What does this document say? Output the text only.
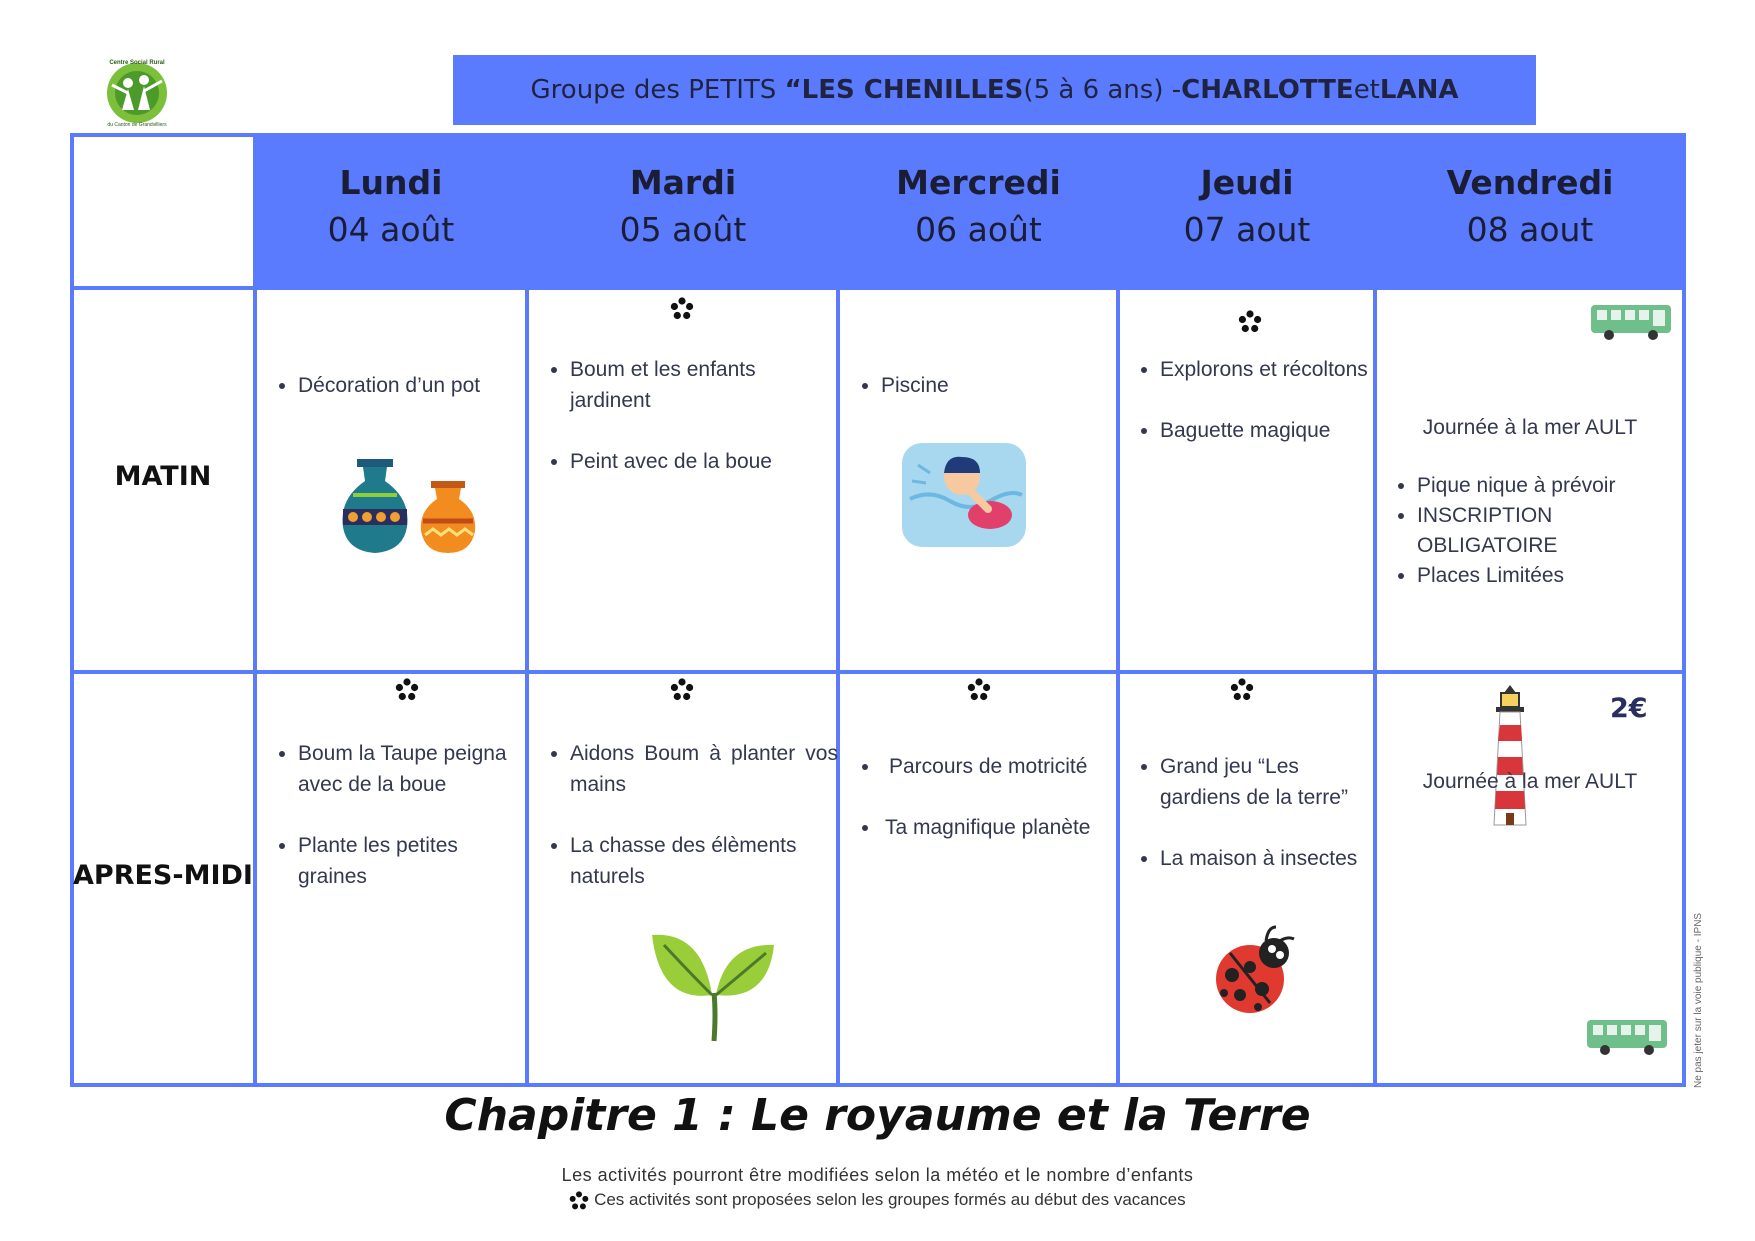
Centre Social Rural
du Canton de Grandvilliers
Groupe des PETITS
“LES CHENILLES (5 à 6 ans) - CHARLOTTE et LANA
Lundi
04 août
Mardi
05 août
Mercredi
06 août
Jeudi
07 aout
Vendredi
08 aout
MATIN
APRES-MIDI
• Décoration d’un pot
• Boum et les enfants jardinent
• Peint avec de la boue
• Piscine
• Explorons et récoltons
• Baguette magique	Journée à la mer AULT
• Pique nique à prévoir
• INSCRIPTION OBLIGATOIRE
• Places Limitées
• Boum la Taupe peigna avec de la boue
• Plante les petites graines
• Aidons Boum à planter vos mains
• La chasse des élèments naturels
• Parcours de motricité
• Ta magnifique planète
• Grand jeu “Les gardiens de la terre”
• La maison à insectes
2€
Journée à la mer AULT
Chapitre 1 : Le royaume et la Terre
Les activités pourront être modifiées selon la météo et le nombre d’enfants
Ces activités sont proposées selon les groupes formés au début des vacances
Ne pas jeter sur la voie publique - IPNS
